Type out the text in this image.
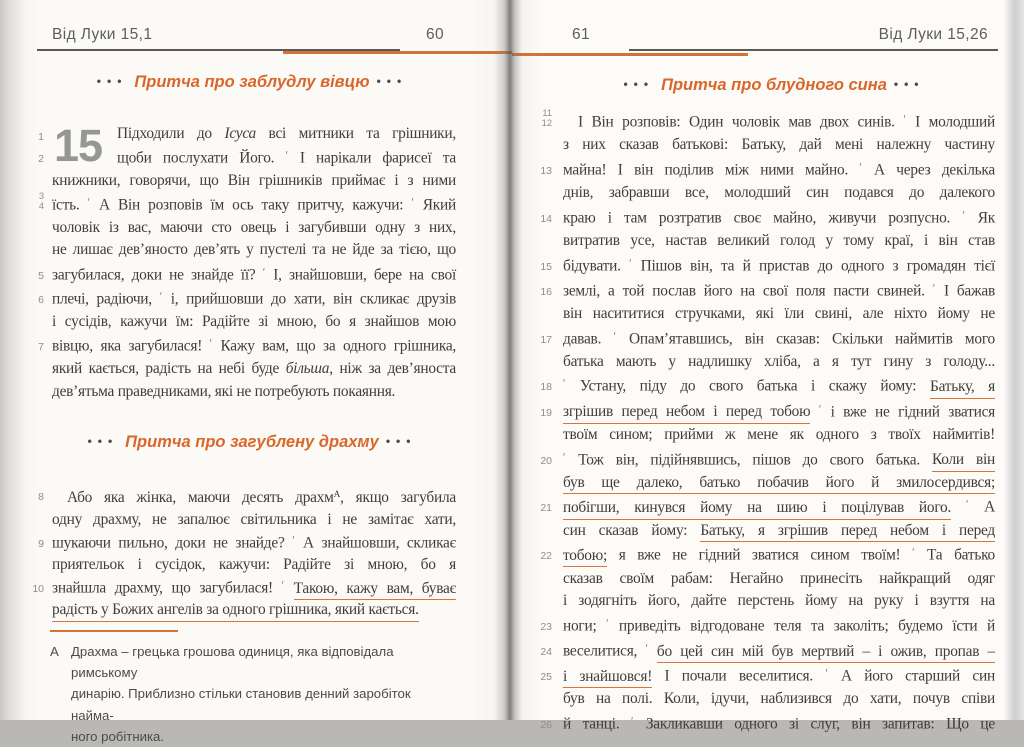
Від Луки 15,1	60
••• Притча про заблудлу вівцю •••
15
1	Підходили до Ісуса всі митники та грішники,
2	щоби послухати Його. $^ʹ$ І нарікали фарисеї та
книжники, говорячи, що Він грішників приймає і з ними
3
4 їсть. $^ʹ$ А Він розповів їм ось таку притчу, кажучи: $^ʹ$ Який
чоловік із вас, маючи сто овець і загубивши одну з них,
не лишає дев’яносто дев’ять у пустелі та не йде за тією, що
5 загубилася, доки не знайде її? $^ʹ$ І, знайшовши, бере на свої
6 плечі, радіючи, $^ʹ$ і, прийшовши до хати, він скликає друзів
і сусідів, кажучи їм: Радійте зі мною, бо я знайшов мою
7 вівцю, яка загубилася! $^ʹ$ Кажу вам, що за одного грішника,
який кається, радість на небі буде більша, ніж за дев’яноста
дев’ятьма праведниками, які не потребують покаяння.
••• Притча про загублену драхму •••
8	Або яка жінка, маючи десять драхм$^А$, якщо загубила
одну драхму, не запалює світильника і не замітає хати,
9 шукаючи пильно, доки не знайде? $^ʹ$ А знайшовши, скликає
приятельок і сусідок, кажучи: Радійте зі мною, бо я
10 знайшла драхму, що загубилася! $^ʹ$ Такою, кажу вам, буває
радість у Божих ангелів за одного грішника, який кається.
А Драхма – грецька грошова одиниця, яка відповідала римському
динарію. Приблизно стільки становив денний заробіток найма-
ного робітника.
61	Від Луки 15,26
••• Притча про блудного сина •••
11
12	І Він розповів: Один чоловік мав двох синів. $^ʹ$ І молодший
з них сказав батькові: Батьку, дай мені належну частину
13 майна! І він поділив між ними майно. $^ʹ$ А через декілька
днів, забравши все, молодший син подався до далекого
14 краю і там розтратив своє майно, живучи розпусно. $^ʹ$ Як
витратив усе, настав великий голод у тому краї, і він став
15 бідувати. $^ʹ$ Пішов він, та й пристав до одного з громадян тієї
16 землі, а той послав його на свої поля пасти свиней. $^ʹ$ І бажав
він насититися стручками, які їли свині, але ніхто йому не
17 давав. $^ʹ$ Опам’ятавшись, він сказав: Скільки наймитів мого
батька мають у надлишку хліба, а я тут гину з голоду...
18 $^ʹ$ Устану, піду до свого батька і скажу йому: Батьку, я
19 згрішив перед небом і перед тобою $^ʹ$ і вже не гідний зватися
твоїм сином; прийми ж мене як одного з твоїх наймитів!
20 $^ʹ$ Тож він, підійнявшись, пішов до свого батька. Коли він
був ще далеко, батько побачив його й змилосердився;
21 побігши, кинувся йому на шию і поцілував його. $^ʹ$ А
син сказав йому: Батьку, я згрішив перед небом і перед
22 тобою; я вже не гідний зватися сином твоїм! $^ʹ$ Та батько
сказав своїм рабам: Негайно принесіть найкращий одяг
і зодягніть його, дайте перстень йому на руку і взуття на
23 ноги; $^ʹ$ приведіть відгодоване теля та заколіть; будемо їсти й
24 веселитися, $^ʹ$ бо цей син мій був мертвий – і ожив, пропав –
25 і знайшовся! І почали веселитися. $^ʹ$ А його старший син
був на полі. Коли, ідучи, наблизився до хати, почув співи
26 й танці. $^ʹ$ Закликавши одного зі слуг, він запитав: Що це
